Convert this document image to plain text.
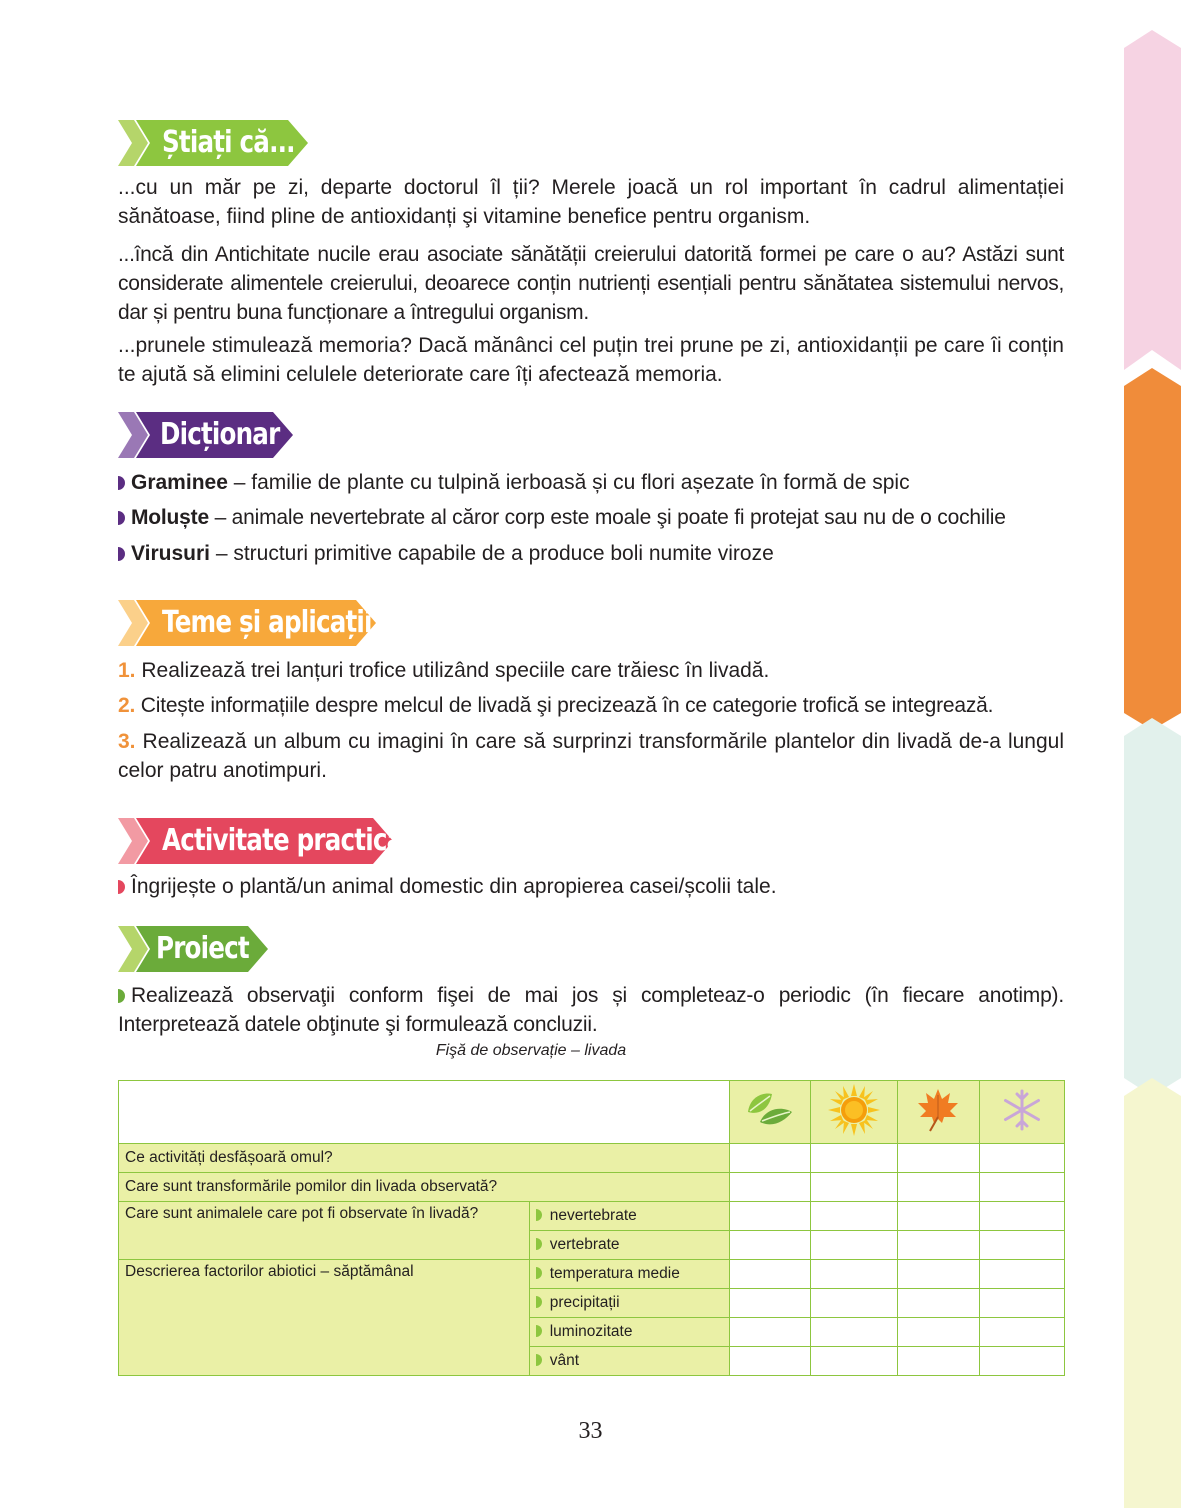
Știați că...

...cu un măr pe zi, departe doctorul îl ții? Merele joacă un rol important în cadrul alimentației sănătoase, fiind pline de antioxidanți şi vitamine benefice pentru organism.

...încă din Antichitate nucile erau asociate sănătății creierului datorită formei pe care o au? Astăzi sunt considerate alimentele creierului, deoarece conțin nutrienți esențiali pentru sănătatea sistemului nervos, dar și pentru buna funcționare a întregului organism.

...prunele stimulează memoria? Dacă mănânci cel puțin trei prune pe zi, antioxidanții pe care îi conțin te ajută să elimini celulele deteriorate care îți afectează memoria.

Dicționar
Graminee – familie de plante cu tulpină ierboasă și cu flori așezate în formă de spic
Moluște – animale nevertebrate al căror corp este moale şi poate fi protejat sau nu de o cochilie
Virusuri – structuri primitive capabile de a produce boli numite viroze
Teme și aplicații
1. Realizează trei lanțuri trofice utilizând speciile care trăiesc în livadă.
2. Citește informațiile despre melcul de livadă şi precizează în ce categorie trofică se integrează.

3. Realizează un album cu imagini în care să surprinzi transformările plantelor din livadă de-a lungul celor patru anotimpuri.

Activitate practică
Îngrijește o plantă/un animal domestic din apropierea casei/școlii tale.
Proiect

Realizează observaţii conform fişei de mai jos și completeaz-o periodic (în fiecare anotimp). Interpretează datele obţinute şi formulează concluzii.

Fişă de observație – livada

Ce activități desfășoară omul?					
Care sunt transformările pomilor din livada observată?					
Care sunt animalele care pot fi observate în livadă?	nevertebrate				
	vertebrate				
Descrierea factorilor abiotici – săptămânal	temperatura medie				
	precipitații				
	luminozitate				
	vânt				
33
